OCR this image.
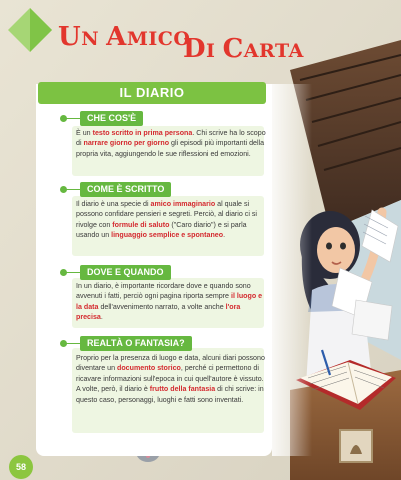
UN AMICO
DI CARTA
IL DIARIO
CHE COS'È
È un testo scritto in prima persona. Chi scrive ha lo scopo di narrare giorno per giorno gli episodi più importanti della propria vita, aggiungendo le sue riflessioni ed emozioni.
COME È SCRITTO
Il diario è una specie di amico immaginario al quale si possono confidare pensieri e segreti. Perciò, al diario ci si rivolge con formule di saluto ("Caro diario") e si parla usando un linguaggio semplice e spontaneo.
DOVE E QUANDO
In un diario, è importante ricordare dove e quando sono avvenuti i fatti, perciò ogni pagina riporta sempre il luogo e la data dell'avvenimento narrato, a volte anche l'ora precisa.
REALTÀ O FANTASIA?
Proprio per la presenza di luogo e data, alcuni diari possono diventare un documento storico, perché ci permettono di ricavare informazioni sull'epoca in cui quell'autore è vissuto.
A volte, però, il diario è frutto della fantasia di chi scrive: in questo caso, personaggi, luoghi e fatti sono inventati.
58
